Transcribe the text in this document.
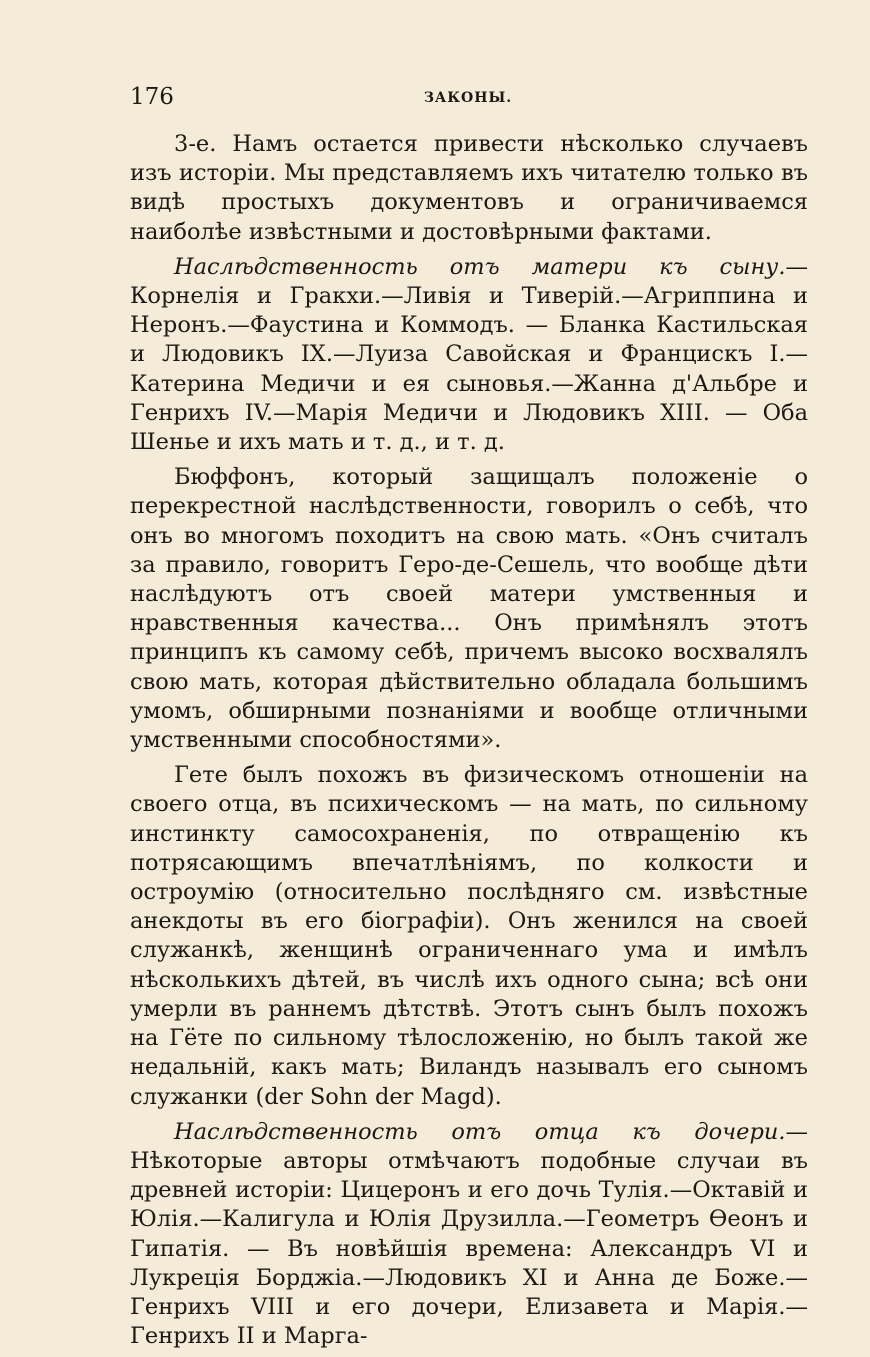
176	ЗАКОНЫ.

3-е. Намъ остается привести нѣсколько случаевъ изъ исторіи. Мы представляемъ ихъ читателю только въ видѣ простыхъ документовъ и ограничиваемся наиболѣе извѣстными и достовѣрными фактами.

Наслѣдственность отъ матери къ сыну.—Корнелія и Гракхи.—Ливія и Тиверій.—Агриппина и Неронъ.—Фаустина и Коммодъ. — Бланка Кастильская и Людовикъ IX.—Луиза Савойская и Францискъ I.—Катерина Медичи и ея сыновья.—Жанна д'Альбре и Генрихъ IV.—Марія Медичи и Людовикъ XIII. — Оба Шенье и ихъ мать и т. д., и т. д.

Бюффонъ, который защищалъ положеніе о перекрестной наслѣдственности, говорилъ о себѣ, что онъ во многомъ походитъ на свою мать. «Онъ считалъ за правило, говоритъ Геро-де-Сешель, что вообще дѣти наслѣдуютъ отъ своей матери умственныя и нравственныя качества... Онъ примѣнялъ этотъ принципъ къ самому себѣ, причемъ высоко восхвалялъ свою мать, которая дѣйствительно обладала большимъ умомъ, обширными познаніями и вообще отличными умственными способностями».

Гете былъ похожъ въ физическомъ отношеніи на своего отца, въ психическомъ — на мать, по сильному инстинкту самосохраненія, по отвращенію къ потрясающимъ впечатлѣніямъ, по колкости и остроумію (относительно послѣдняго см. извѣстные анекдоты въ его біографіи). Онъ женился на своей служанкѣ, женщинѣ ограниченнаго ума и имѣлъ нѣсколькихъ дѣтей, въ числѣ ихъ одного сына; всѣ они умерли въ раннемъ дѣтствѣ. Этотъ сынъ былъ похожъ на Гёте по сильному тѣлосложенію, но былъ такой же недальній, какъ мать; Виландъ называлъ его сыномъ служанки (der Sohn der Magd).

Наслѣдственность отъ отца къ дочери.—Нѣкоторые авторы отмѣчаютъ подобные случаи въ древней исторіи: Цицеронъ и его дочь Тулія.—Октавій и Юлія.—Калигула и Юлія Друзилла.—Геометръ Ѳеонъ и Гипатія. — Въ новѣйшія времена: Александръ VI и Лукреція Борджіа.—Людовикъ XI и Анна де Боже.—Генрихъ VIII и его дочери, Елизавета и Марія.—Генрихъ II и Марга-
